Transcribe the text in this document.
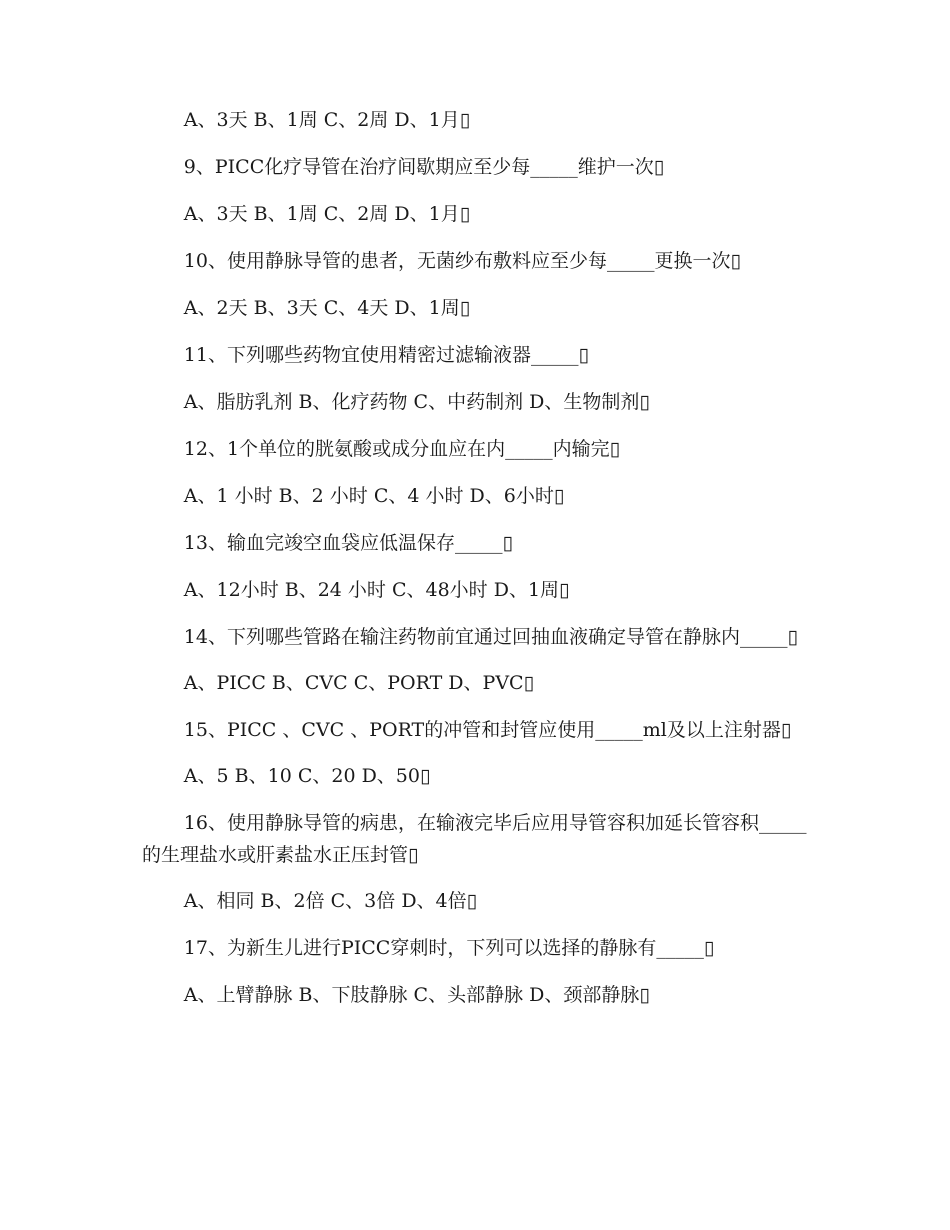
A、3天 B、1周 C、2周 D、1月▯

9、PICC化疗导管在治疗间歇期应至少每_____维护一次▯

A、3天 B、1周 C、2周 D、1月▯

10、使用静脉导管的患者，无菌纱布敷料应至少每_____更换一次▯

A、2天 B、3天 C、4天 D、1周▯

11、下列哪些药物宜使用精密过滤输液器_____▯

A、脂肪乳剂 B、化疗药物 C、中药制剂 D、生物制剂▯

12、1个单位的胱氨酸或成分血应在内_____内输完▯

A、1 小时 B、2 小时 C、4 小时 D、6小时▯

13、输血完竣空血袋应低温保存_____▯

A、12小时 B、24 小时 C、48小时 D、1周▯

14、下列哪些管路在输注药物前宜通过回抽血液确定导管在静脉内_____▯

A、PICC B、CVC C、PORT D、PVC▯

15、PICC 、CVC 、PORT的冲管和封管应使用_____ml及以上注射器▯

A、5 B、10 C、20 D、50▯

16、使用静脉导管的病患，在输液完毕后应用导管容积加延长管容积_____的生理盐水或肝素盐水正压封管▯

A、相同 B、2倍 C、3倍 D、4倍▯

17、为新生儿进行PICC穿刺时，下列可以选择的静脉有_____▯

A、上臂静脉 B、下肢静脉 C、头部静脉 D、颈部静脉▯
